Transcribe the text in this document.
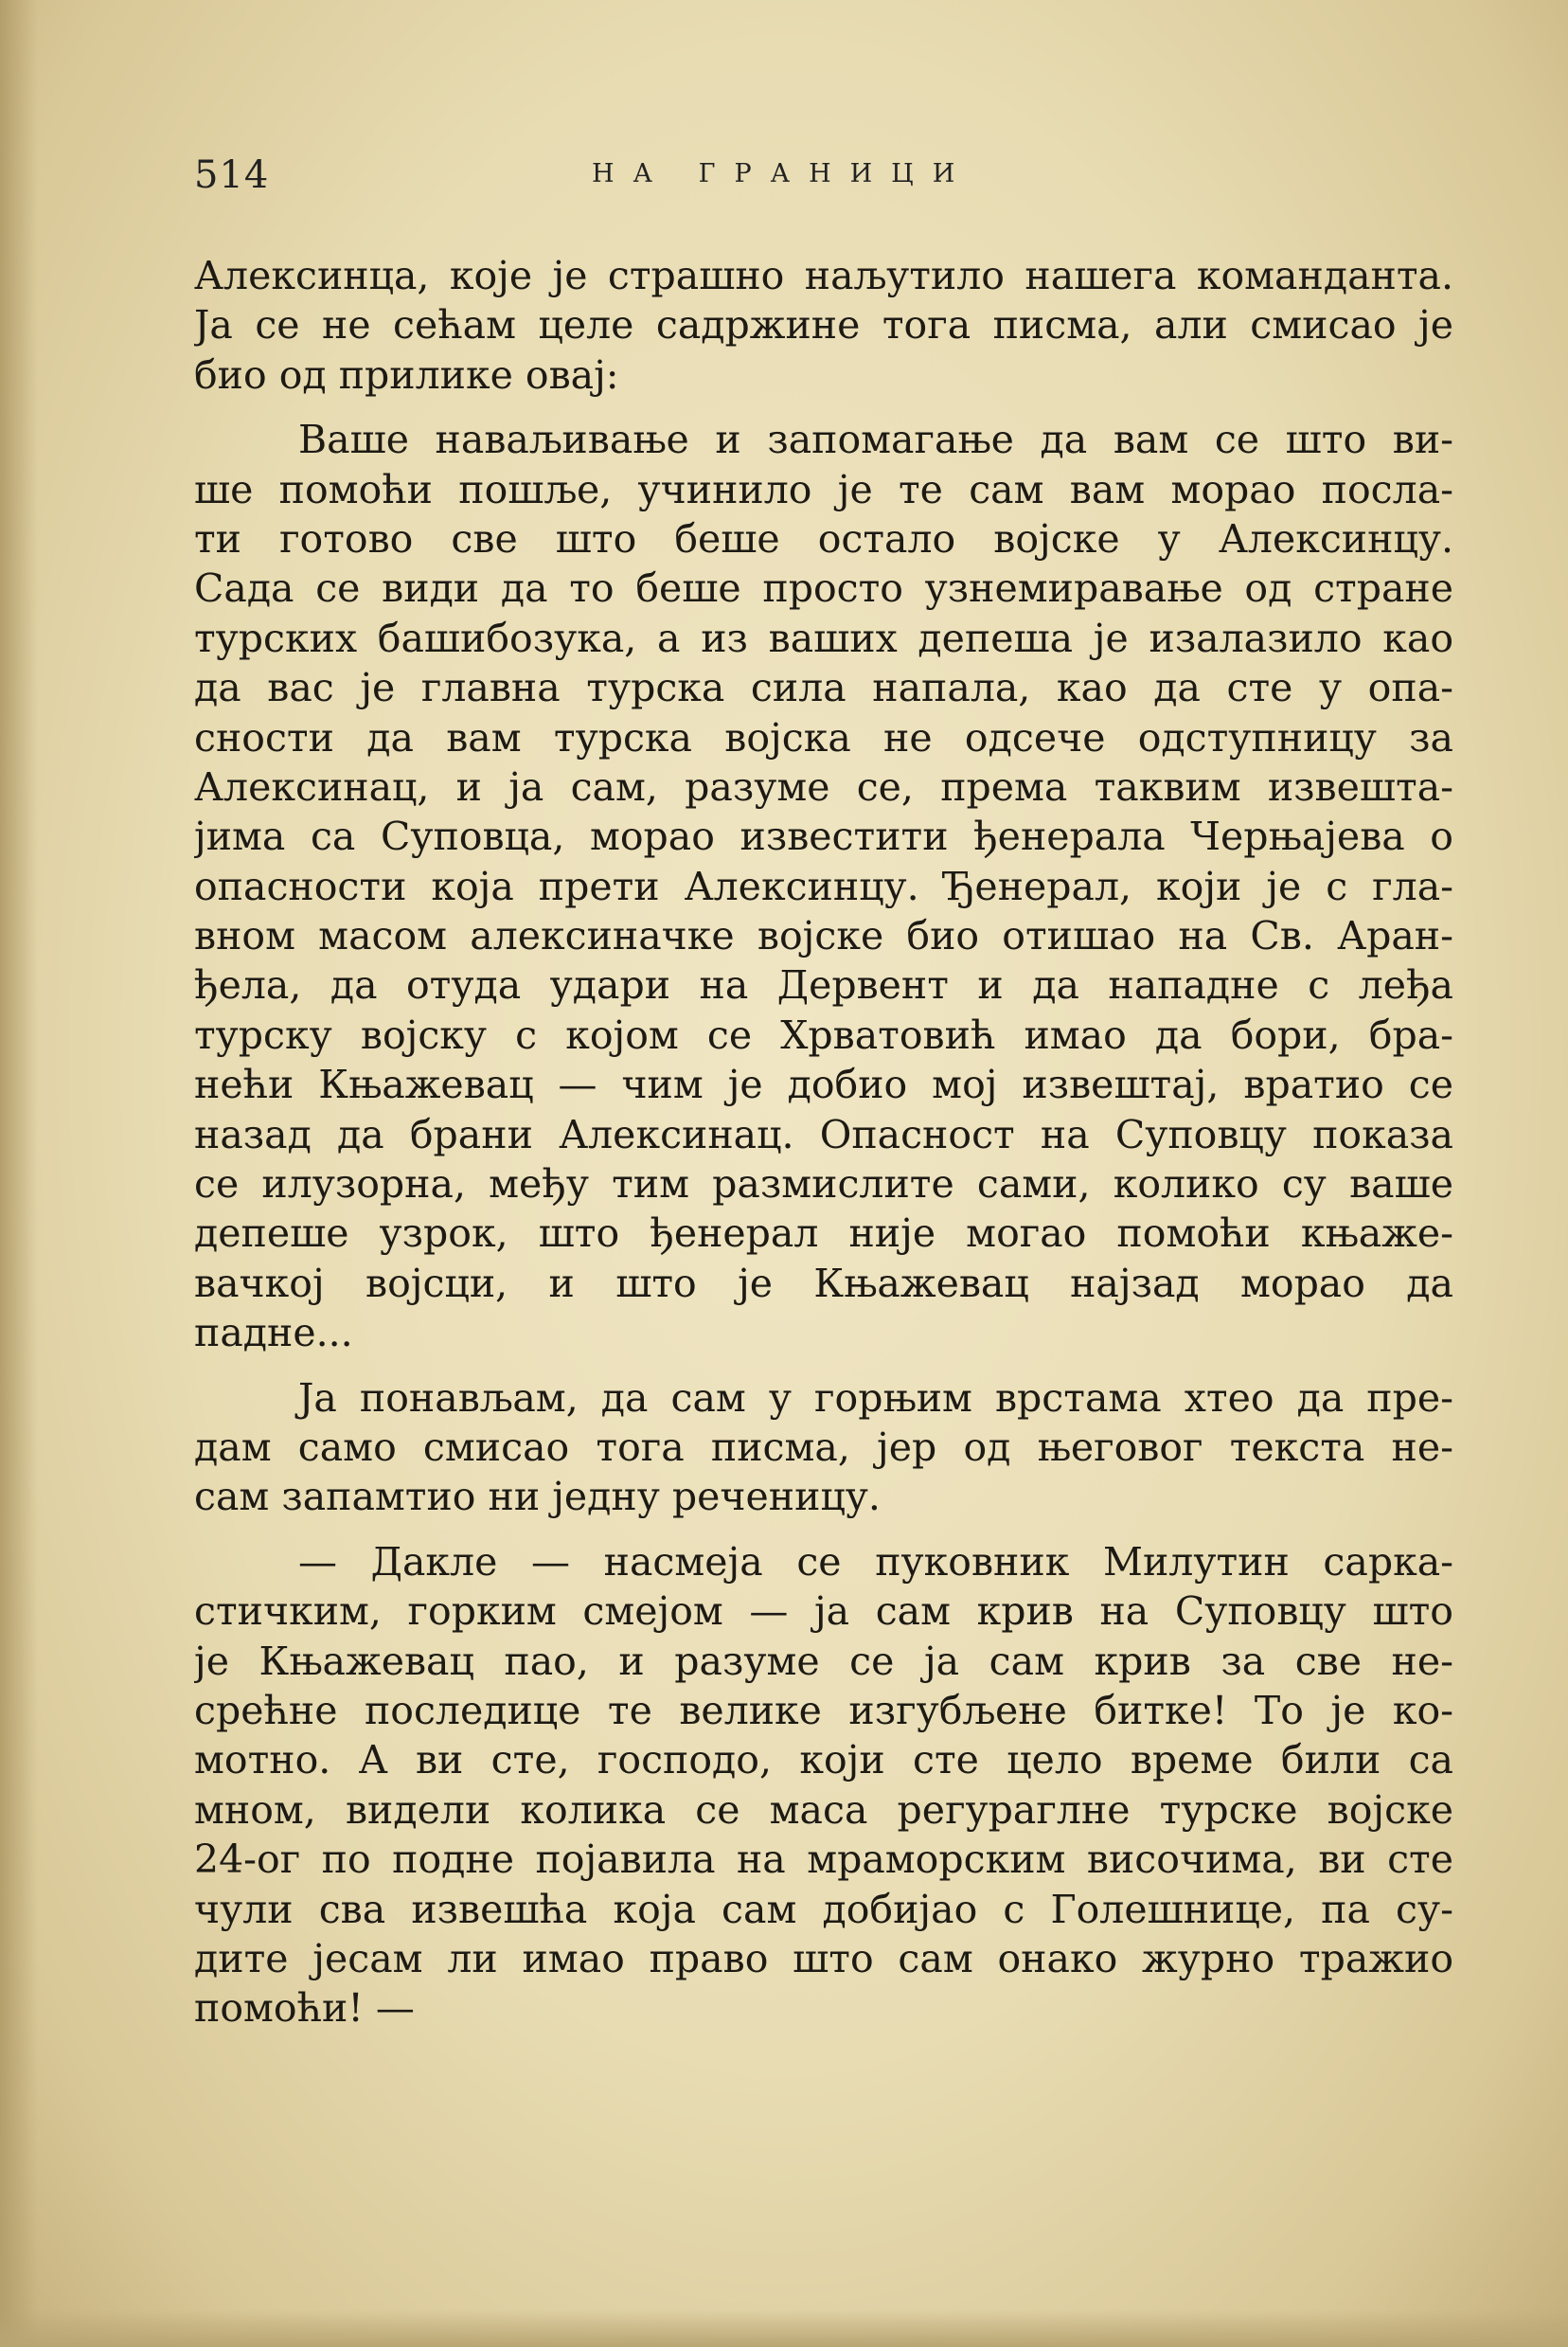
514	НА ГРАНИЦИ
Алексинца, које је страшно наљутило нашега команданта.
Ја се не сећам целе садржине тога писма, али смисао је
био од прилике овај:
Ваше наваљивање и запомагање да вам се што ви-
ше помоћи пошље, учинило је те сам вам морао посла-
ти готово све што беше остало војске у Алексинцу.
Сада се види да то беше просто узнемиравање од стране
турских башибозука, а из ваших депеша је изалазило као
да вас је главна турска сила напала, као да сте у опа-
сности да вам турска војска не одсече одступницу за
Алексинац, и ја сам, разуме се, према таквим извешта-
јима са Суповца, морао известити ђенерала Черњајева о
опасности која прети Алексинцу. Ђенерал, који је с гла-
вном масом алексиначке војске био отишао на Св. Аран-
ђела, да отуда удари на Дервент и да нападне с леђа
турску војску с којом се Хрватовић имао да бори, бра-
нећи Књажевац — чим је добио мој извештај, вратио се
назад да брани Алексинац. Опасност на Суповцу показа
се илузорна, међу тим размислите сами, колико су ваше
депеше узрок, што ђенерал није могао помоћи књаже-
вачкој војсци, и што је Књажевац најзад морао да
падне...
Ја понављам, да сам у горњим врстама хтео да пре-
дам само смисао тога писма, јер од његовог текста не-
сам запамтио ни једну реченицу.
— Дакле — насмеја се пуковник Милутин сарка-
стичким, горким смејом — ја сам крив на Суповцу што
је Књажевац пао, и разуме се ја сам крив за све не-
срећне последице те велике изгубљене битке! То је ко-
мотно. А ви сте, господо, који сте цело време били са
мном, видели колика се маса регураглне турске војске
24-ог по подне појавила на мраморским височима, ви сте
чули сва извешћа која сам добијао с Голешнице, па су-
дите јесам ли имао право што сам онако журно тражио
помоћи! —
